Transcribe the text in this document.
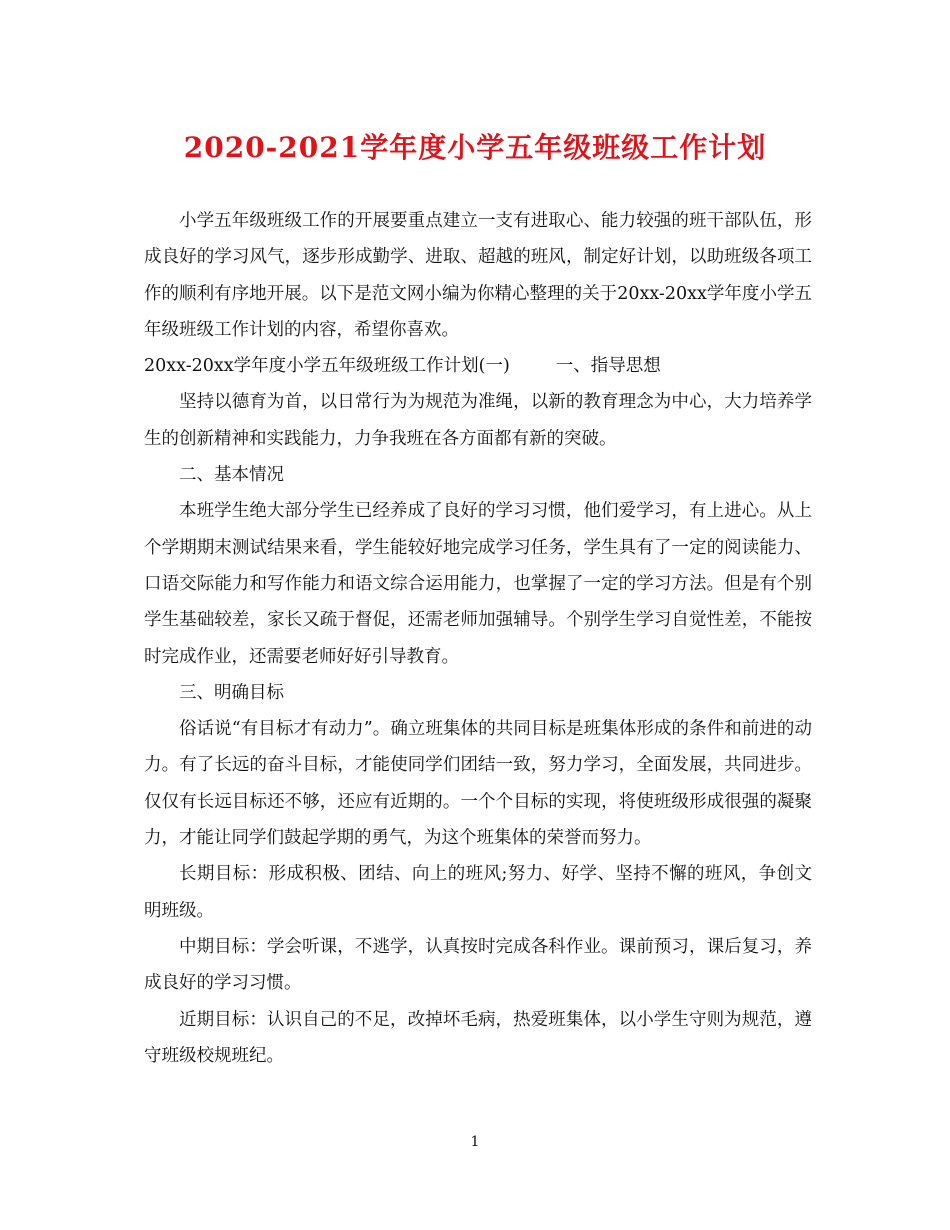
2020-2021学年度小学五年级班级工作计划

小学五年级班级工作的开展要重点建立一支有进取心、能力较强的班干部队伍，形成良好的学习风气，逐步形成勤学、进取、超越的班风，制定好计划，以助班级各项工作的顺利有序地开展。以下是范文网小编为你精心整理的关于20xx-20xx学年度小学五年级班级工作计划的内容，希望你喜欢。

20xx-20xx学年度小学五年级班级工作计划(一)	一、指导思想

坚持以德育为首，以日常行为为规范为准绳，以新的教育理念为中心，大力培养学生的创新精神和实践能力，力争我班在各方面都有新的突破。

二、基本情况

本班学生绝大部分学生已经养成了良好的学习习惯，他们爱学习，有上进心。从上个学期期末测试结果来看，学生能较好地完成学习任务，学生具有了一定的阅读能力、口语交际能力和写作能力和语文综合运用能力，也掌握了一定的学习方法。但是有个别学生基础较差，家长又疏于督促，还需老师加强辅导。个别学生学习自觉性差，不能按时完成作业，还需要老师好好引导教育。

三、明确目标

俗话说“有目标才有动力”。确立班集体的共同目标是班集体形成的条件和前进的动力。有了长远的奋斗目标，才能使同学们团结一致，努力学习，全面发展，共同进步。仅仅有长远目标还不够，还应有近期的。一个个目标的实现，将使班级形成很强的凝聚力，才能让同学们鼓起学期的勇气，为这个班集体的荣誉而努力。

长期目标：形成积极、团结、向上的班风;努力、好学、坚持不懈的班风，争创文明班级。

中期目标：学会听课，不逃学，认真按时完成各科作业。课前预习，课后复习，养成良好的学习习惯。

近期目标：认识自己的不足，改掉坏毛病，热爱班集体，以小学生守则为规范，遵守班级校规班纪。

1
